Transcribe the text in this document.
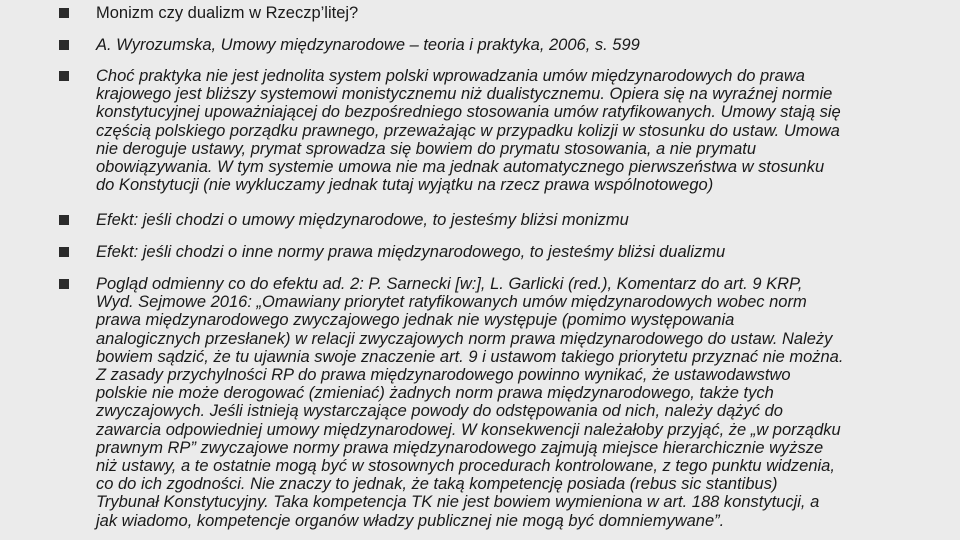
Monizm czy dualizm w Rzeczp’litej?

A. Wyrozumska, Umowy międzynarodowe – teoria i praktyka, 2006, s. 599

Choć praktyka nie jest jednolita system polski wprowadzania umów międzynarodowych do prawa
krajowego jest bliższy systemowi monistycznemu niż dualistycznemu. Opiera się na wyraźnej normie
konstytucyjnej upoważniającej do bezpośredniego stosowania umów ratyfikowanych. Umowy stają się
częścią polskiego porządku prawnego, przeważając w przypadku kolizji w stosunku do ustaw. Umowa
nie deroguje ustawy, prymat sprowadza się bowiem do prymatu stosowania, a nie prymatu
obowiązywania. W tym systemie umowa nie ma jednak automatycznego pierwszeństwa w stosunku
do Konstytucji (nie wykluczamy jednak tutaj wyjątku na rzecz prawa wspólnotowego)

Efekt: jeśli chodzi o umowy międzynarodowe, to jesteśmy bliżsi monizmu

Efekt: jeśli chodzi o inne normy prawa międzynarodowego, to jesteśmy bliżsi dualizmu

Pogląd odmienny co do efektu ad. 2: P. Sarnecki [w:], L. Garlicki (red.), Komentarz do art. 9 KRP,
Wyd. Sejmowe 2016: „Omawiany priorytet ratyfikowanych umów międzynarodowych wobec norm
prawa międzynarodowego zwyczajowego jednak nie występuje (pomimo występowania
analogicznych przesłanek) w relacji zwyczajowych norm prawa międzynarodowego do ustaw. Należy
bowiem sądzić, że tu ujawnia swoje znaczenie art. 9 i ustawom takiego priorytetu przyznać nie można.
Z zasady przychylności RP do prawa międzynarodowego powinno wynikać, że ustawodawstwo
polskie nie może derogować (zmieniać) żadnych norm prawa międzynarodowego, także tych
zwyczajowych. Jeśli istnieją wystarczające powody do odstępowania od nich, należy dążyć do
zawarcia odpowiedniej umowy międzynarodowej. W konsekwencji należałoby przyjąć, że „w porządku
prawnym RP” zwyczajowe normy prawa międzynarodowego zajmują miejsce hierarchicznie wyższe
niż ustawy, a te ostatnie mogą być w stosownych procedurach kontrolowane, z tego punktu widzenia,
co do ich zgodności. Nie znaczy to jednak, że taką kompetencję posiada (rebus sic stantibus)
Trybunał Konstytucyjny. Taka kompetencja TK nie jest bowiem wymieniona w art. 188 konstytucji, a
jak wiadomo, kompetencje organów władzy publicznej nie mogą być domniemywane”.
